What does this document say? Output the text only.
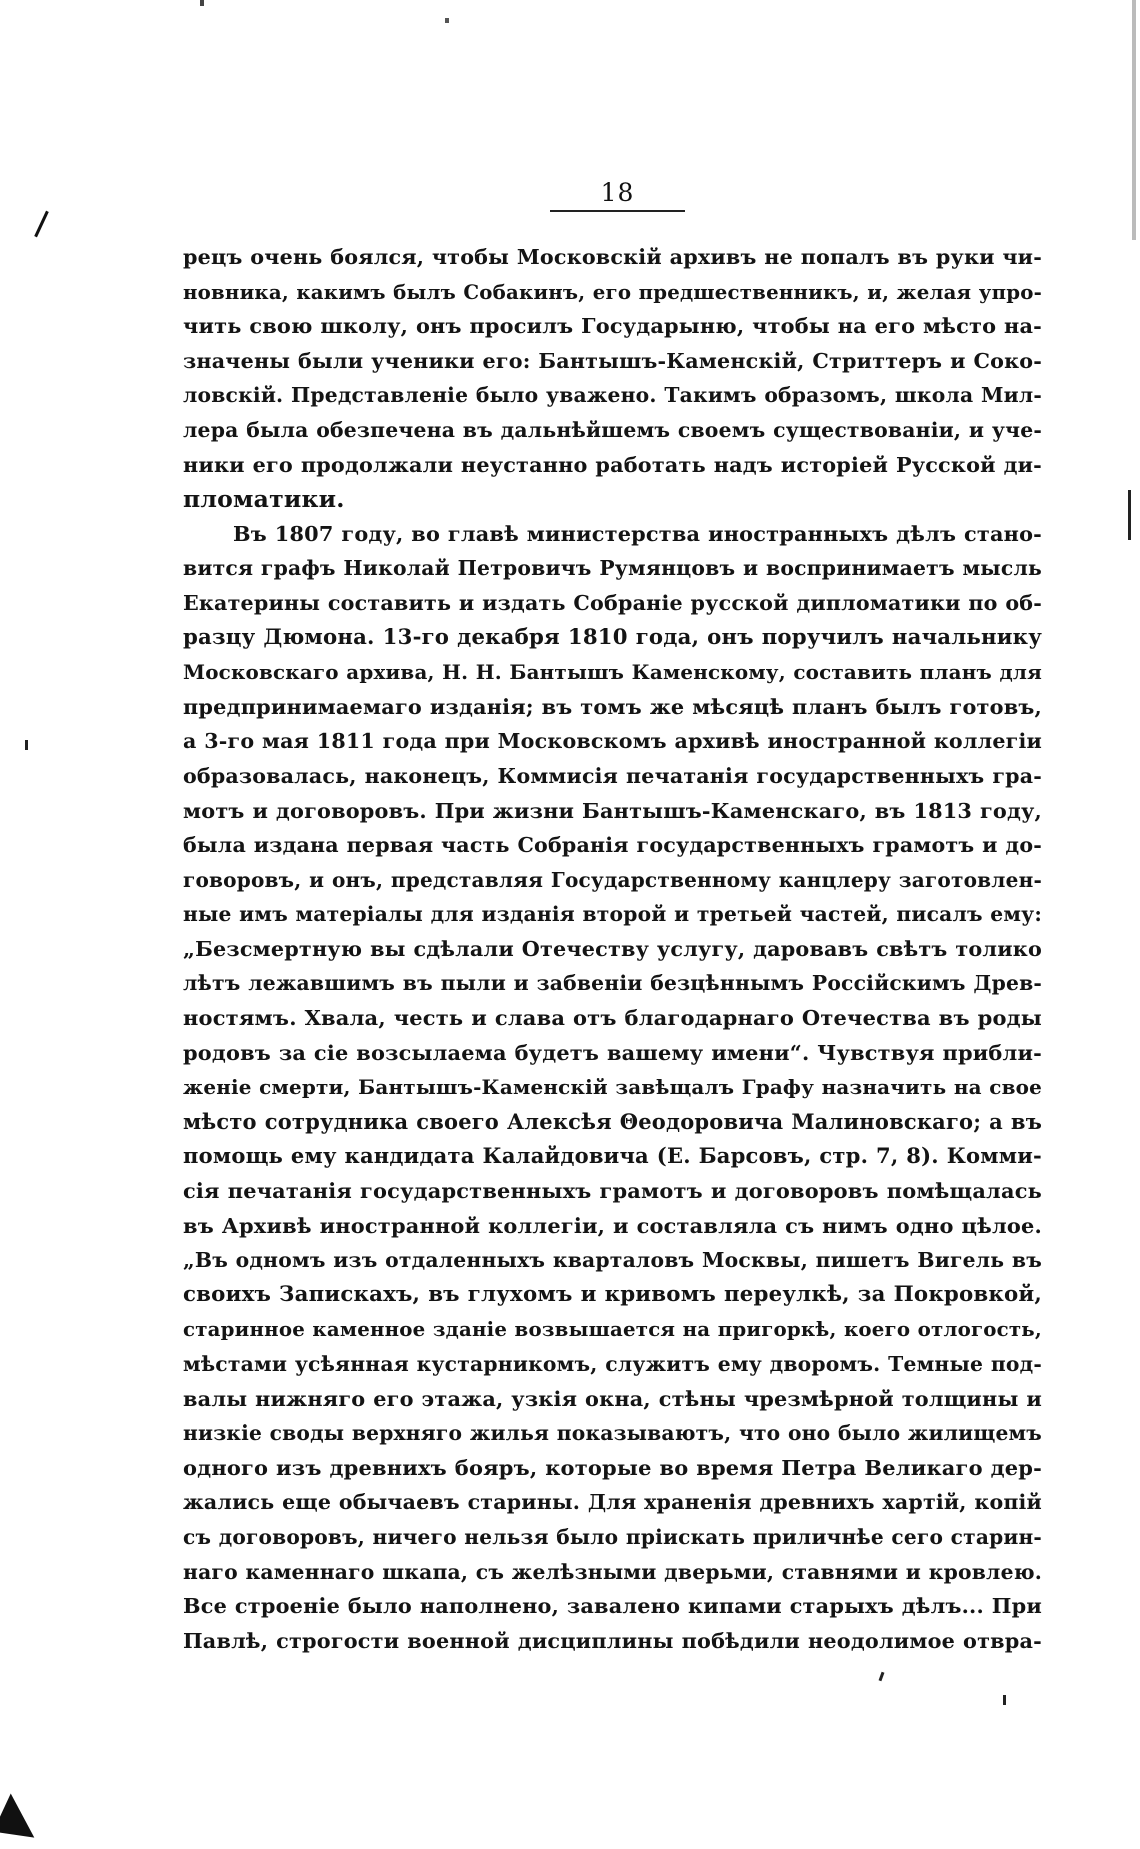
18
рецъ очень боялся, чтобы Московскій архивъ не попалъ въ руки чи-
новника, какимъ былъ Собакинъ, его предшественникъ, и, желая упро-
чить свою школу, онъ просилъ Государыню, чтобы на его мѣсто на-
значены были ученики его: Бантышъ-Каменскій, Стриттеръ и Соко-
ловскій. Представленіе было уважено. Такимъ образомъ, школа Мил-
лера была обезпечена въ дальнѣйшемъ своемъ существованіи, и уче-
ники его продолжали неустанно работать надъ исторіей Русской ди-
пломатики.
Въ 1807 году, во главѣ министерства иностранныхъ дѣлъ стано-
вится графъ Николай Петровичъ Румянцовъ и воспринимаетъ мысль
Екатерины составить и издать Собраніе русской дипломатики по об-
разцу Дюмона. 13-го декабря 1810 года, онъ поручилъ начальнику
Московскаго архива, Н. Н. Бантышъ Каменскому, составить планъ для
предпринимаемаго изданія; въ томъ же мѣсяцѣ планъ былъ готовъ,
а 3-го мая 1811 года при Московскомъ архивѣ иностранной коллегіи
образовалась, наконецъ, Коммисія печатанія государственныхъ гра-
мотъ и договоровъ. При жизни Бантышъ-Каменскаго, въ 1813 году,
была издана первая часть Собранія государственныхъ грамотъ и до-
говоровъ, и онъ, представляя Государственному канцлеру заготовлен-
ные имъ матеріалы для изданія второй и третьей частей, писалъ ему:
„Безсмертную вы сдѣлали Отечеству услугу, даровавъ свѣтъ толико
лѣтъ лежавшимъ въ пыли и забвеніи безцѣннымъ Россійскимъ Древ-
ностямъ. Хвала, честь и слава отъ благодарнаго Отечества въ роды
родовъ за сіе возсылаема будетъ вашему имени“. Чувствуя прибли-
женіе смерти, Бантышъ-Каменскій завѣщалъ Графу назначить на свое
мѣсто сотрудника своего Алексѣя Θеодоровича Малиновскаго; а въ
помощь ему кандидата Калайдовича (Е. Барсовъ, стр. 7, 8). Комми-
сія печатанія государственныхъ грамотъ и договоровъ помѣщалась
въ Архивѣ иностранной коллегіи, и составляла съ нимъ одно цѣлое.
„Въ одномъ изъ отдаленныхъ кварталовъ Москвы, пишетъ Вигель въ
своихъ Запискахъ, въ глухомъ и кривомъ переулкѣ, за Покровкой,
старинное каменное зданіе возвышается на пригоркѣ, коего отлогость,
мѣстами усѣянная кустарникомъ, служитъ ему дворомъ. Темные под-
валы нижняго его этажа, узкія окна, стѣны чрезмѣрной толщины и
низкіе своды верхняго жилья показываютъ, что оно было жилищемъ
одного изъ древнихъ бояръ, которые во время Петра Великаго дер-
жались еще обычаевъ старины. Для храненія древнихъ хартій, копій
съ договоровъ, ничего нельзя было пріискать приличнѣе сего старин-
наго каменнаго шкапа, съ желѣзными дверьми, ставнями и кровлею.
Все строеніе было наполнено, завалено кипами старыхъ дѣлъ... При
Павлѣ, строгости военной дисциплины побѣдили неодолимое отвра-
